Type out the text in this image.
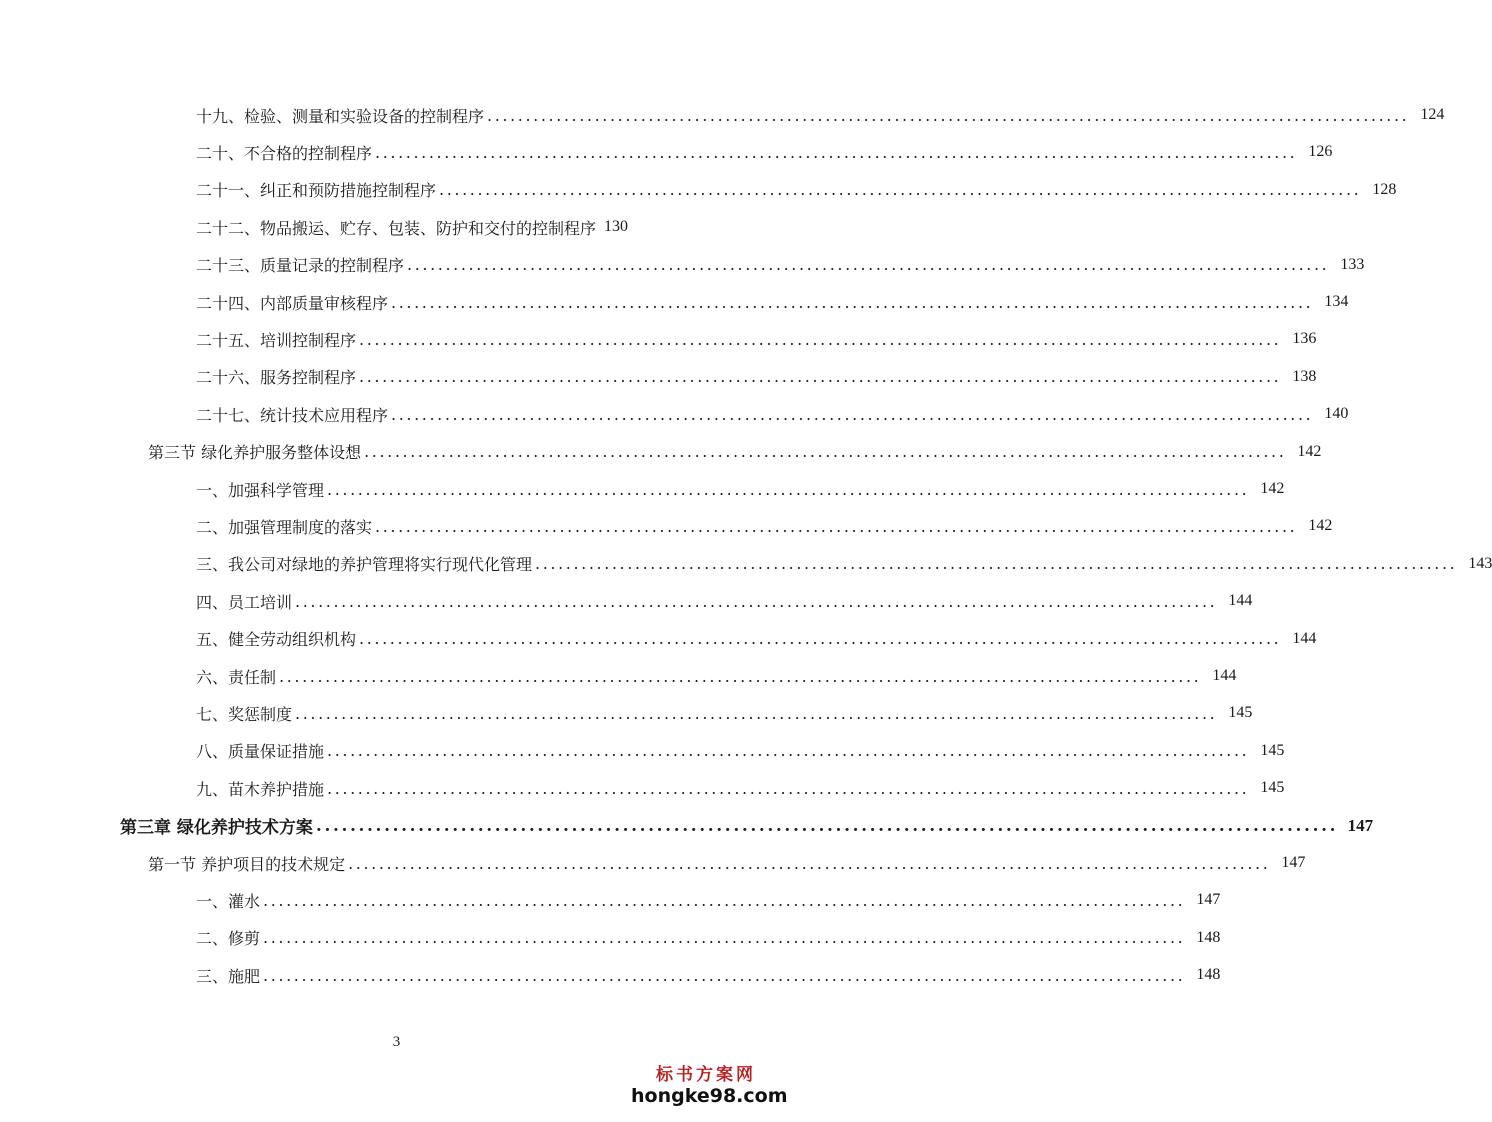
十九、检验、测量和实验设备的控制程序 ........................................................................................................................ 124
二十、不合格的控制程序 ........................................................................................................................ 126
二十一、纠正和预防措施控制程序 ........................................................................................................................ 128
二十二、物品搬运、贮存、包装、防护和交付的控制程序 130
二十三、质量记录的控制程序 ........................................................................................................................ 133
二十四、内部质量审核程序 ........................................................................................................................ 134
二十五、培训控制程序 ........................................................................................................................ 136
二十六、服务控制程序 ........................................................................................................................ 138
二十七、统计技术应用程序 ........................................................................................................................ 140
第三节 绿化养护服务整体设想 ........................................................................................................................ 142
一、加强科学管理 ........................................................................................................................ 142
二、加强管理制度的落实 ........................................................................................................................ 142
三、我公司对绿地的养护管理将实行现代化管理 ........................................................................................................................ 143
四、员工培训 ........................................................................................................................ 144
五、健全劳动组织机构 ........................................................................................................................ 144
六、责任制 ........................................................................................................................ 144
七、奖惩制度 ........................................................................................................................ 145
八、质量保证措施 ........................................................................................................................ 145
九、苗木养护措施 ........................................................................................................................ 145
第三章 绿化养护技术方案 ........................................................................................................................ 147
第一节 养护项目的技术规定 ........................................................................................................................ 147
一、灌水 ........................................................................................................................ 147
二、修剪 ........................................................................................................................ 148
三、施肥 ........................................................................................................................ 148
3
标书方案网
hongke98.com
